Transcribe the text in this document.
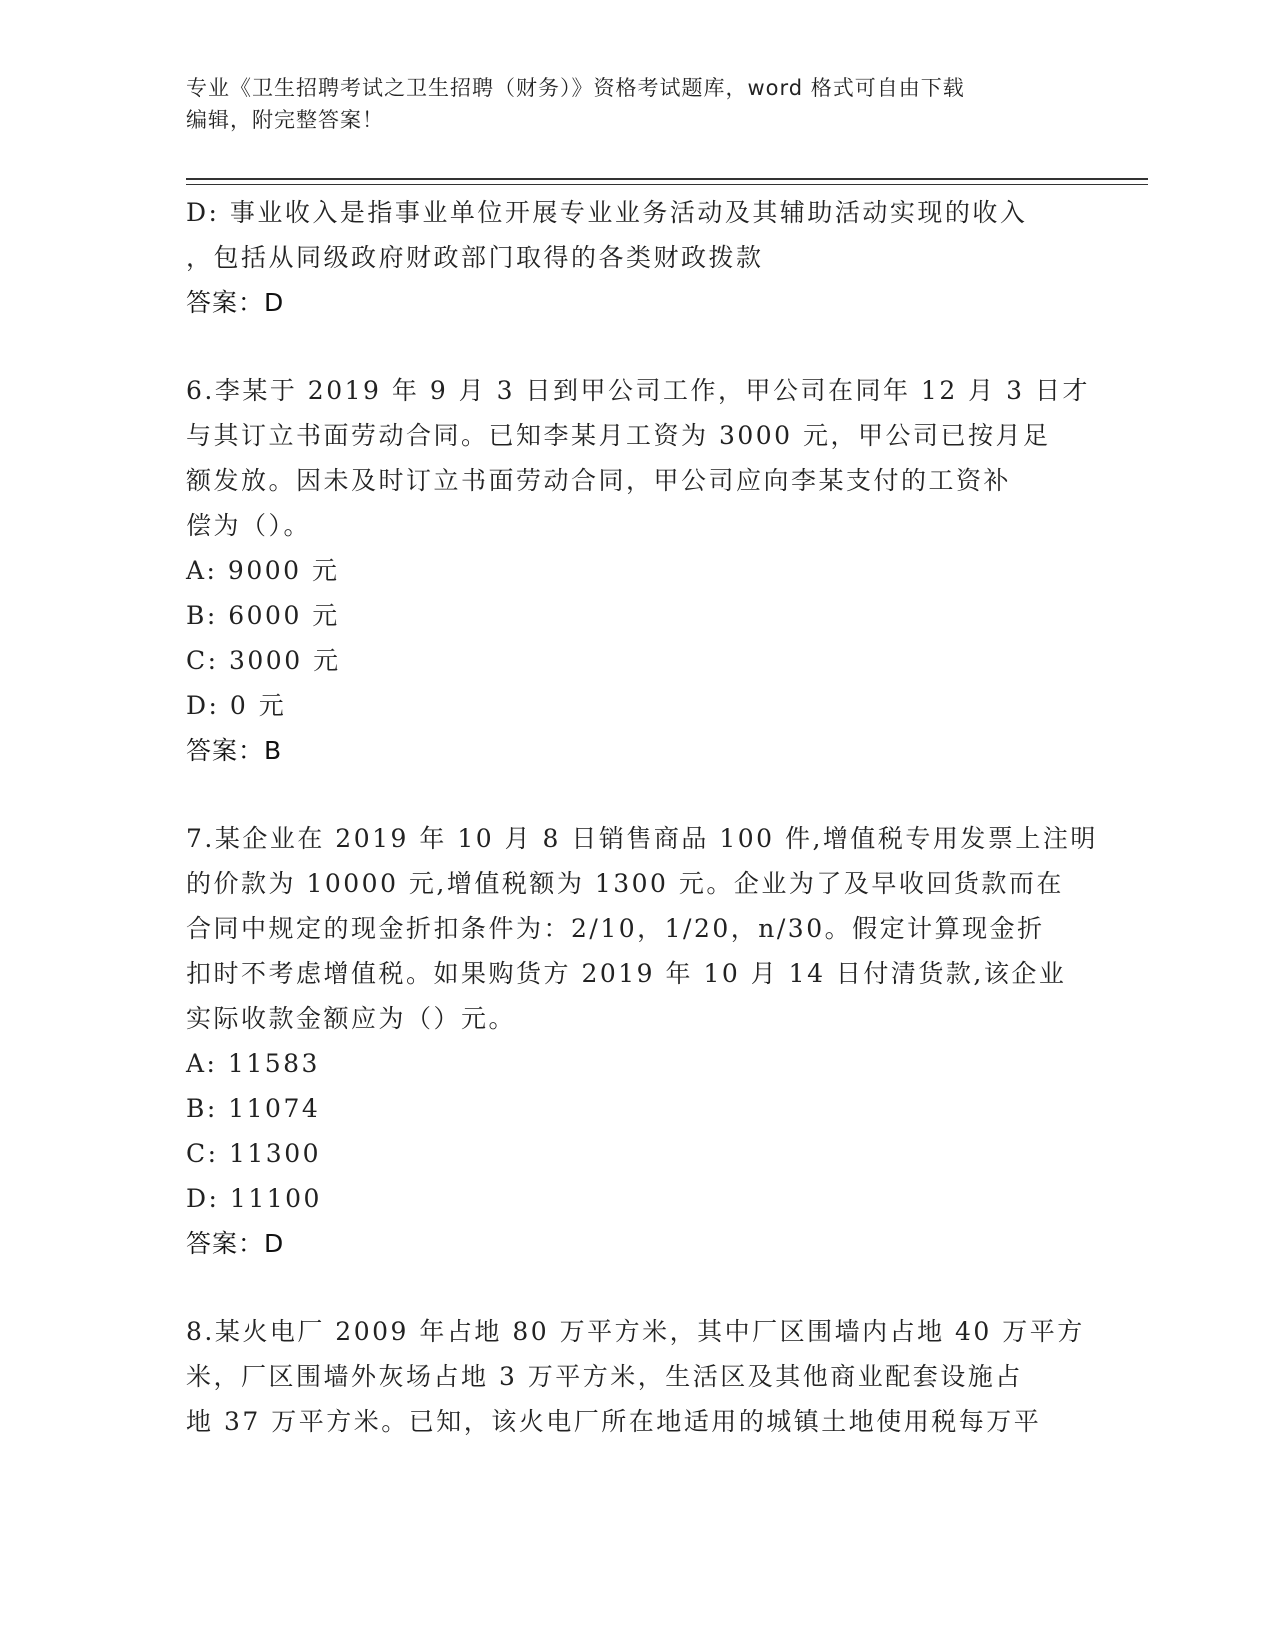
专业《卫生招聘考试之卫生招聘（财务）》资格考试题库，word 格式可自由下载
编辑，附完整答案！
D: 事业收入是指事业单位开展专业业务活动及其辅助活动实现的收入
，包括从同级政府财政部门取得的各类财政拨款
答案：D
6.李某于 2019 年 9 月 3 日到甲公司工作，甲公司在同年 12 月 3 日才
与其订立书面劳动合同。已知李某月工资为 3000 元，甲公司已按月足
额发放。因未及时订立书面劳动合同，甲公司应向李某支付的工资补
偿为（）。
A: 9000 元
B: 6000 元
C: 3000 元
D: 0 元
答案：B
7.某企业在 2019 年 10 月 8 日销售商品 100 件,增值税专用发票上注明
的价款为 10000 元,增值税额为 1300 元。企业为了及早收回货款而在
合同中规定的现金折扣条件为：2/10，1/20，n/30。假定计算现金折
扣时不考虑增值税。如果购货方 2019 年 10 月 14 日付清货款,该企业
实际收款金额应为（）元。
A: 11583
B: 11074
C: 11300
D: 11100
答案：D
8.某火电厂 2009 年占地 80 万平方米，其中厂区围墙内占地 40 万平方
米，厂区围墙外灰场占地 3 万平方米，生活区及其他商业配套设施占
地 37 万平方米。已知，该火电厂所在地适用的城镇土地使用税每万平
